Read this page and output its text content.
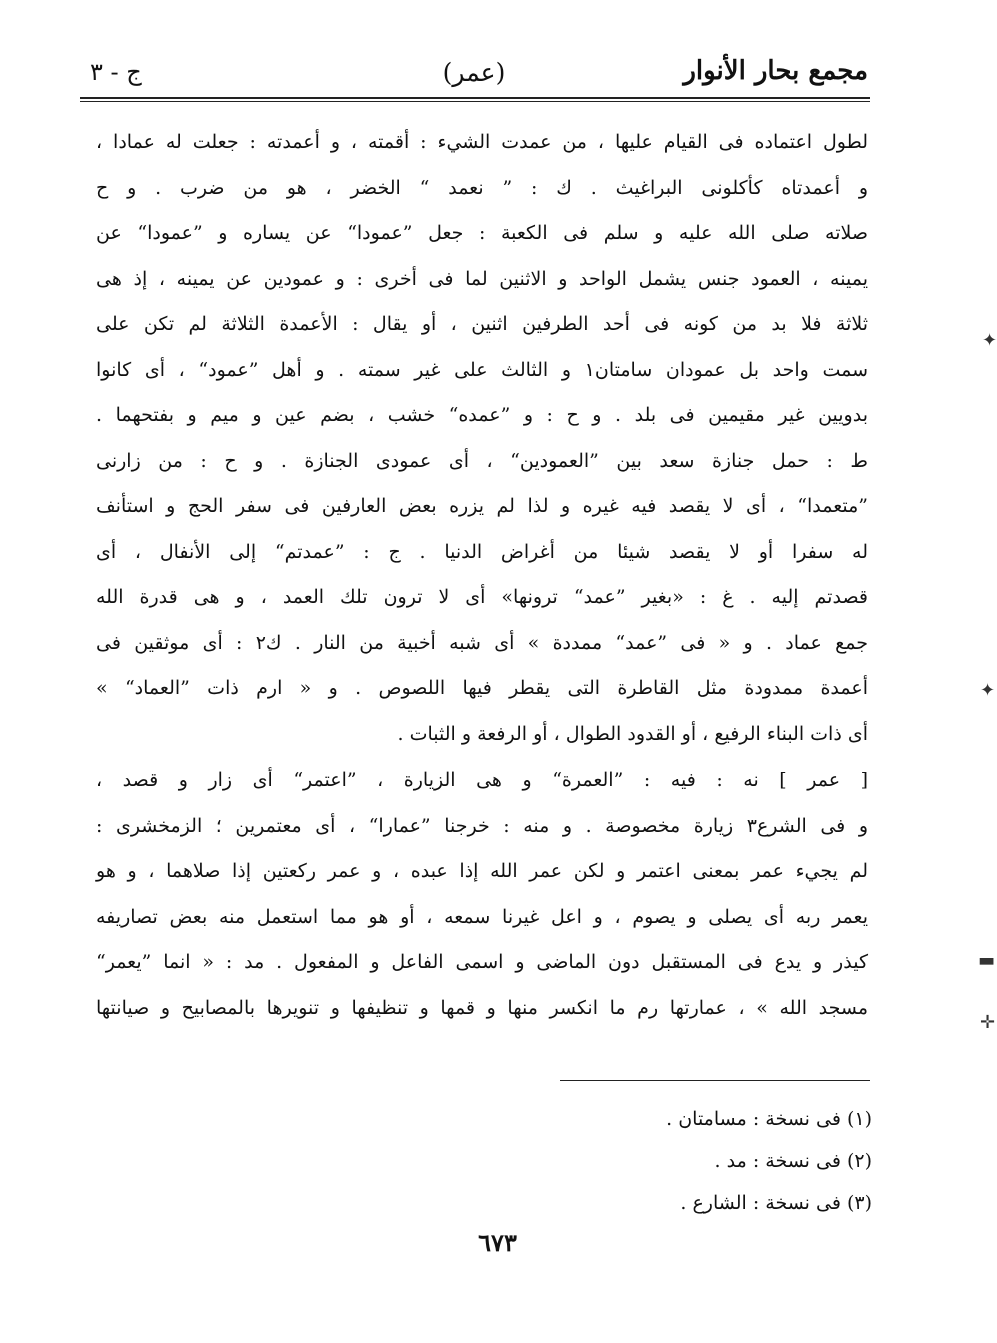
ج - ٣	(عمر)	مجمع بحار الأنوار
لطول اعتماده فى القيام عليها ، من عمدت الشيء : أقمته ، و أعمدته : جعلت له عمادا ،
و أعمدتاه كأكلونى البراغيث . ك : ” نعمد “ الخضر ، هو من ضرب . و ح
صلاته صلى الله عليه و سلم فى الكعبة : جعل ”عمودا“ عن يساره و ”عمودا“ عن
يمينه ، العمود جنس يشمل الواحد و الاثنين لما فى أخرى : و عمودين عن يمينه ، إذ هى
ثلاثة فلا بد من كونه فى أحد الطرفين اثنين ، أو يقال : الأعمدة الثلاثة لم تكن على
سمت واحد بل عمودان سامتان١ و الثالث على غير سمته . و أهل ”عمود“ ، أى كانوا
بدويين غير مقيمين فى بلد . و ح : و ”عمده“ خشب ، بضم عين و ميم و بفتحهما .
ط : حمل جنازة سعد بين ”العمودين“ ، أى عمودى الجنازة . و ح : من زارنى
”متعمدا“ ، أى لا يقصد فيه غيره و لذا لم يزره بعض العارفين فى سفر الحج و استأنف
له سفرا أو لا يقصد شيئا من أغراض الدنيا . ج : ”عمدتم“ إلى الأنفال ، أى
قصدتم إليه . غ : «بغير ”عمد“ ترونها» أى لا ترون تلك العمد ، و هى قدرة الله
جمع عماد . و « فى ”عمد“ ممددة » أى شبه أخبية من النار . ك٢ : أى موثقين فى
أعمدة ممدودة مثل القاطرة التى يقطر فيها اللصوص . و « ارم ذات ”العماد“ »
أى ذات البناء الرفيع ، أو القدود الطوال ، أو الرفعة و الثبات .
[ عمر ] نه : فيه : ”العمرة“ و هى الزيارة ، ”اعتمر“ أى زار و قصد ،
و فى الشرع٣ زيارة مخصوصة . و منه : خرجنا ”عمارا“ ، أى معتمرين ؛ الزمخشرى :
لم يجيء عمر بمعنى اعتمر و لكن عمر الله إذا عبده ، و عمر ركعتين إذا صلاهما ، و هو
يعمر ربه أى يصلى و يصوم ، و اعل غيرنا سمعه ، أو هو مما استعمل منه بعض تصاريفه
كيذر و يدع فى المستقبل دون الماضى و اسمى الفاعل و المفعول . مد : « انما ”يعمر“
مسجد الله » ، عمارتها رم ما انكسر منها و قمها و تنظيفها و تنويرها بالمصابيح و صيانتها
(١) فى نسخة : مسامتان .
(٢) فى نسخة : مد .
(٣) فى نسخة : الشارع .
٦٧٣
✦
✦
▬
✛
